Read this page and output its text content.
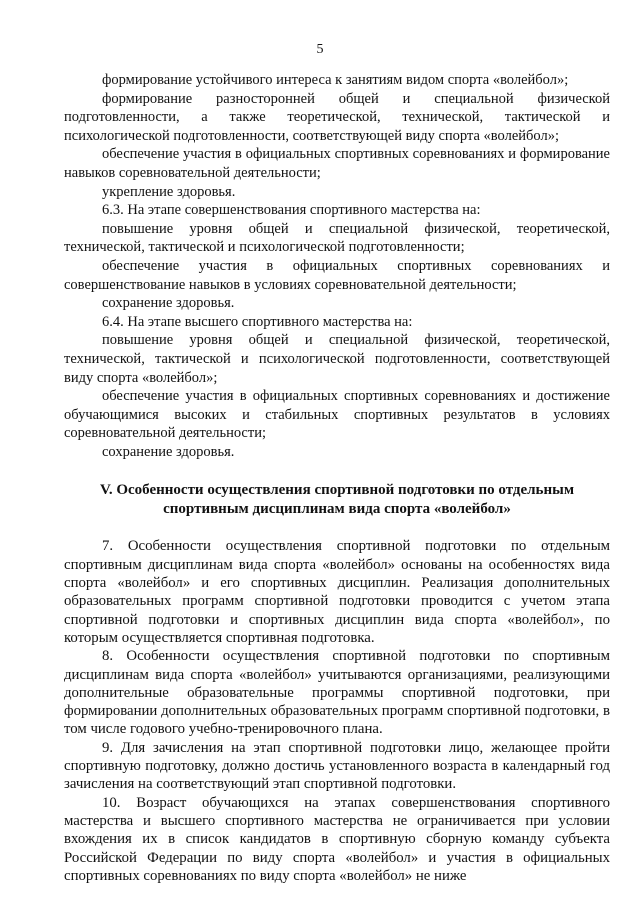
5

формирование устойчивого интереса к занятиям видом спорта «волейбол»;

формирование разносторонней общей и специальной физической подготовленности, а также теоретической, технической, тактической и психологической подготовленности, соответствующей виду спорта «волейбол»;

обеспечение участия в официальных спортивных соревнованиях и формирование навыков соревновательной деятельности;

укрепление здоровья.

6.3. На этапе совершенствования спортивного мастерства на:

повышение уровня общей и специальной физической, теоретической, технической, тактической и психологической подготовленности;

обеспечение участия в официальных спортивных соревнованиях и совершенствование навыков в условиях соревновательной деятельности;

сохранение здоровья.

6.4. На этапе высшего спортивного мастерства на:

повышение уровня общей и специальной физической, теоретической, технической, тактической и психологической подготовленности, соответствующей виду спорта «волейбол»;

обеспечение участия в официальных спортивных соревнованиях и достижение обучающимися высоких и стабильных спортивных результатов в условиях соревновательной деятельности;

сохранение здоровья.

V. Особенности осуществления спортивной подготовки по отдельным
спортивным дисциплинам вида спорта «волейбол»

7. Особенности осуществления спортивной подготовки по отдельным спортивным дисциплинам вида спорта «волейбол» основаны на особенностях вида спорта «волейбол» и его спортивных дисциплин. Реализация дополнительных образовательных программ спортивной подготовки проводится с учетом этапа спортивной подготовки и спортивных дисциплин вида спорта «волейбол», по которым осуществляется спортивная подготовка.

8. Особенности осуществления спортивной подготовки по спортивным дисциплинам вида спорта «волейбол» учитываются организациями, реализующими дополнительные образовательные программы спортивной подготовки, при формировании дополнительных образовательных программ спортивной подготовки, в том числе годового учебно-тренировочного плана.

9. Для зачисления на этап спортивной подготовки лицо, желающее пройти спортивную подготовку, должно достичь установленного возраста в календарный год зачисления на соответствующий этап спортивной подготовки.

10. Возраст обучающихся на этапах совершенствования спортивного мастерства и высшего спортивного мастерства не ограничивается при условии вхождения их в список кандидатов в спортивную сборную команду субъекта Российской Федерации по виду спорта «волейбол» и участия в официальных спортивных соревнованиях по виду спорта «волейбол» не ниже
